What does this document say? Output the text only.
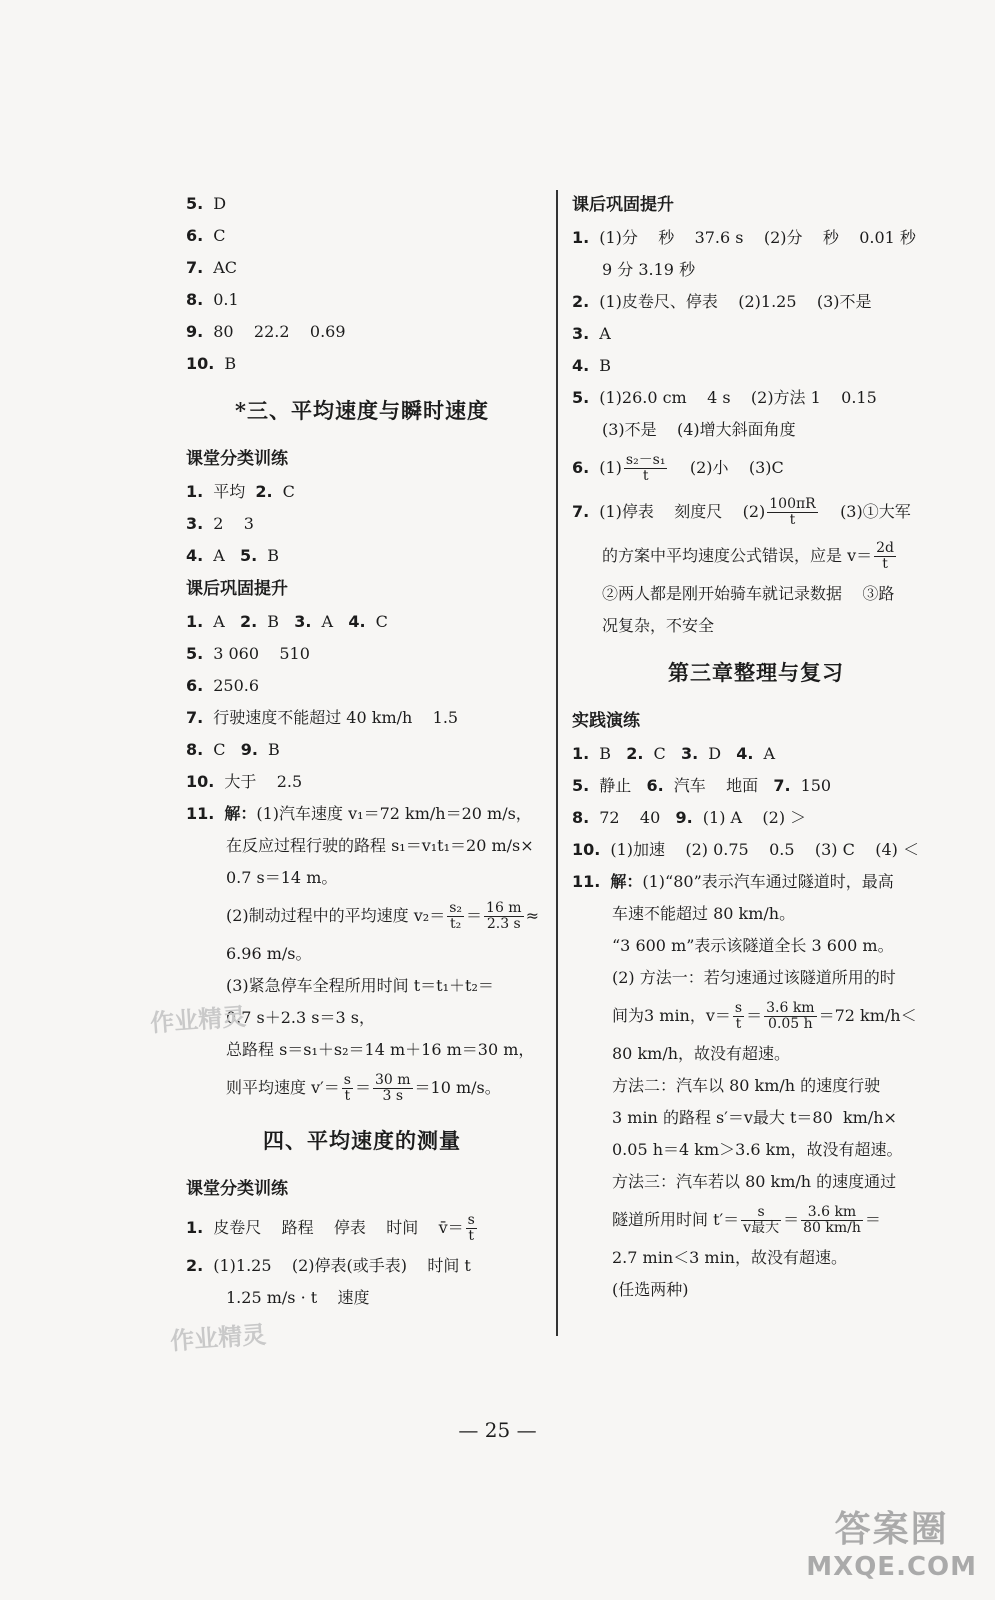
5. D
6. C
7. AC
8. 0.1
9. 80    22.2    0.69
10. B
*三、平均速度与瞬时速度
课堂分类训练
1. 平均 2. C
3. 2    3
4. A 5. B
课后巩固提升
1. A 2. B 3. A 4. C
5. 3 060    510
6. 250.6
7. 行驶速度不能超过 40 km/h    1.5
8. C 9. B
10. 大于    2.5
11. 解：(1)汽车速度 v₁＝72 km/h＝20 m/s，
在反应过程行驶的路程 s₁＝v₁t₁＝20 m/s×
0.7 s＝14 m。
(2)制动过程中的平均速度 $v_2= \frac{\text{s₂}}{\text{t₂}} = \frac{16 m}{2.3 s}$ ≈
6.96 m/s。
(3)紧急停车全程所用时间 t＝t₁＋t₂＝
0.7 s＋2.3 s＝3 s，
总路程 s＝s₁＋s₂＝14 m＋16 m＝30 m，
则平均速度 $v'= \frac{s}{t} = \frac{30 m}{3 s} =10$ m/s。
四、平均速度的测量
课堂分类训练
1. 皮卷尺    路程    停表    时间    v̄＝ $\frac{s}{t}$
2. (1)1.25    (2)停表(或手表)    时间 t
1.25 m/s · t    速度
课后巩固提升
1. (1)分    秒    37.6 s    (2)分    秒    0.01 秒
9 分 3.19 秒
2. (1)皮卷尺、停表    (2)1.25    (3)不是
3. A
4. B
5. (1)26.0 cm    4 s    (2)方法 1    0.15
(3)不是    (4)增大斜面角度
6. $(1) \frac{\text{s₂－s₁}}{t} (2)$小    (3)C
7. (1)停表    刻度尺    $(2) \frac{100\pi R}{t}$ (3)①大军
的方案中平均速度公式错误，应是 $v= \frac{2d}{t}$
②两人都是刚开始骑车就记录数据    ③路
况复杂，不安全
第三章整理与复习
实践演练
1. B 2. C 3. D 4. A
5. 静止 6. 汽车    地面 7. 150
8. 72    40 9. (1) A    (2) ＞
10. (1)加速    (2) 0.75    0.5    (3) C    (4) ＜
11. 解：(1)“80”表示汽车通过隧道时，最高
车速不能超过 80 km/h。
“3 600 m”表示该隧道全长 3 600 m。
(2) 方法一：若匀速通过该隧道所用的时
间为3 min，$v= \frac{s}{t} = \frac{3.6 km}{0.05 h} =72$ km/h＜
80 km/h，故没有超速。
方法二：汽车以 80 km/h 的速度行驶
3 min 的路程 s′＝v最大 t＝80  km/h×
0.05 h＝4 km＞3.6 km，故没有超速。
方法三：汽车若以 80 km/h 的速度通过
隧道所用时间 $t'= \frac{s}{\text{v最大}} = \frac{3.6 km}{80 km/h}$ ＝
2.7 min＜3 min，故没有超速。
(任选两种)
— 25 —
作业精灵
作业精灵
答案圈
MXQE.COM
